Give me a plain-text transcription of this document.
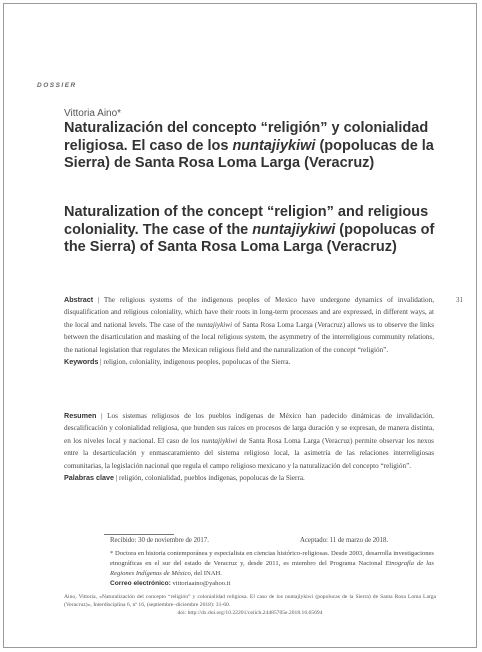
DOSSIER
Vittoria Aino*
Naturalización del concepto “religión” y colonialidad religiosa. El caso de los nuntajiykiwi (popolucas de la Sierra) de Santa Rosa Loma Larga (Veracruz)
Naturalization of the concept “religion” and religious coloniality. The case of the nuntajiykiwi (popolucas of the Sierra) of Santa Rosa Loma Larga (Veracruz)
31
Abstract | The religious systems of the indigenous peoples of Mexico have undergone dynamics of invalidation, disqualification and religious coloniality, which have their roots in long-term processes and are expressed, in different ways, at the local and national levels. The case of the nuntajiykiwi of Santa Rosa Loma Larga (Veracruz) allows us to observe the links between the disarticulation and masking of the local religious system, the asymmetry of the interreligious community relations, the national legislation that regulates the Mexican religious field and the naturalization of the concept “religión”.
Keywords | religion, coloniality, indigenous peoples, popolucas of the Sierra.
Resumen | Los sistemas religiosos de los pueblos indígenas de México han padecido dinámicas de invalidación, descalificación y colonialidad religiosa, que hunden sus raíces en procesos de larga duración y se expresan, de manera distinta, en los niveles local y nacional. El caso de los nuntajiykiwi de Santa Rosa Loma Larga (Veracruz) permite observar los nexos entre la desarticulación y enmascaramiento del sistema religioso local, la asimetría de las relaciones interreligiosas comunitarias, la legislación nacional que regula el campo religioso mexicano y la naturalización del concepto “religión”.
Palabras clave | religión, colonialidad, pueblos indígenas, popolucas de la Sierra.
Recibido: 30 de noviembre de 2017.	Aceptado: 11 de marzo de 2018.
* Doctora en historia contemporánea y especialista en ciencias histórico-religiosas. Desde 2003, desarrolla investigaciones etnográficas en el sur del estado de Veracruz y, desde 2011, es miembro del Programa Nacional Etnografía de las Regiones Indígenas de México, del INAH.
Correo electrónico: vittoriaaino@yahoo.it
Aino, Vittoria, «Naturalización del concepto “religión” y colonialidad religiosa. El caso de los nuntajiykiwi (popolucas de la Sierra) de Santa Rosa Loma Larga (Veracruz)», Interdisciplina 6, nº 16, (septiembre–diciembre 2018): 31-60.
doi: http://dx.doi.org/10.22201/ceiich.24485705e.2018.16.65694
